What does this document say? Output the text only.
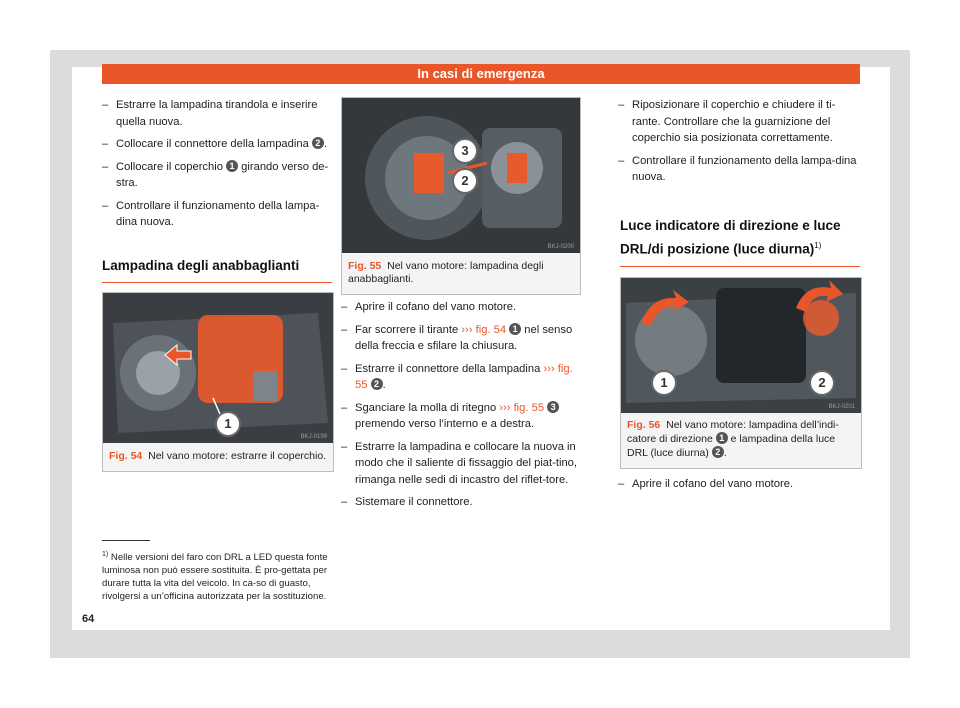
In casi di emergenza
– Estrarre la lampadina tirandola e inserire quella nuova.
– Collocare il connettore della lampadina 2 .
– Collocare il coperchio 1 girando verso de-stra.
– Controllare il funzionamento della lampa-dina nuova.
Lampadina degli anabbaglianti
1
BKJ-0199
Fig. 54 Nel vano motore: estrarre il coperchio.
3
2
BKJ-0200
Fig. 55 Nel vano motore: lampadina degli anabbaglianti.
– Aprire il cofano del vano motore.
– Far scorrere il tirante ››› fig. 54 1 nel senso della freccia e sfilare la chiusura.
– Estrarre il connettore della lampadina ››› fig. 55 2 .
– Sganciare la molla di ritegno ››› fig. 55 3 premendo verso l’interno e a destra.
– Estrarre la lampadina e collocare la nuova in modo che il saliente di fissaggio del piat-tino, rimanga nelle sedi di incastro del riflet-tore.
– Sistemare il connettore.
– Riposizionare il coperchio e chiudere il ti-rante. Controllare che la guarnizione del coperchio sia posizionata correttamente.
– Controllare il funzionamento della lampa-dina nuova.
Luce indicatore di direzione e luce
DRL/di posizione (luce diurna)$^{1)}$
1	2
BKJ-0201
Fig. 56 Nel vano motore: lampadina dell’indi-catore di direzione 1 e lampadina della luce DRL (luce diurna) 2 .
– Aprire il cofano del vano motore.
$^{1)}$ Nelle versioni del faro con DRL a LED questa fonte luminosa non può essere sostituita. È pro-gettata per durare tutta la vita del veicolo. In ca-so di guasto, rivolgersi a un’officina autorizzata per la sostituzione.
64
